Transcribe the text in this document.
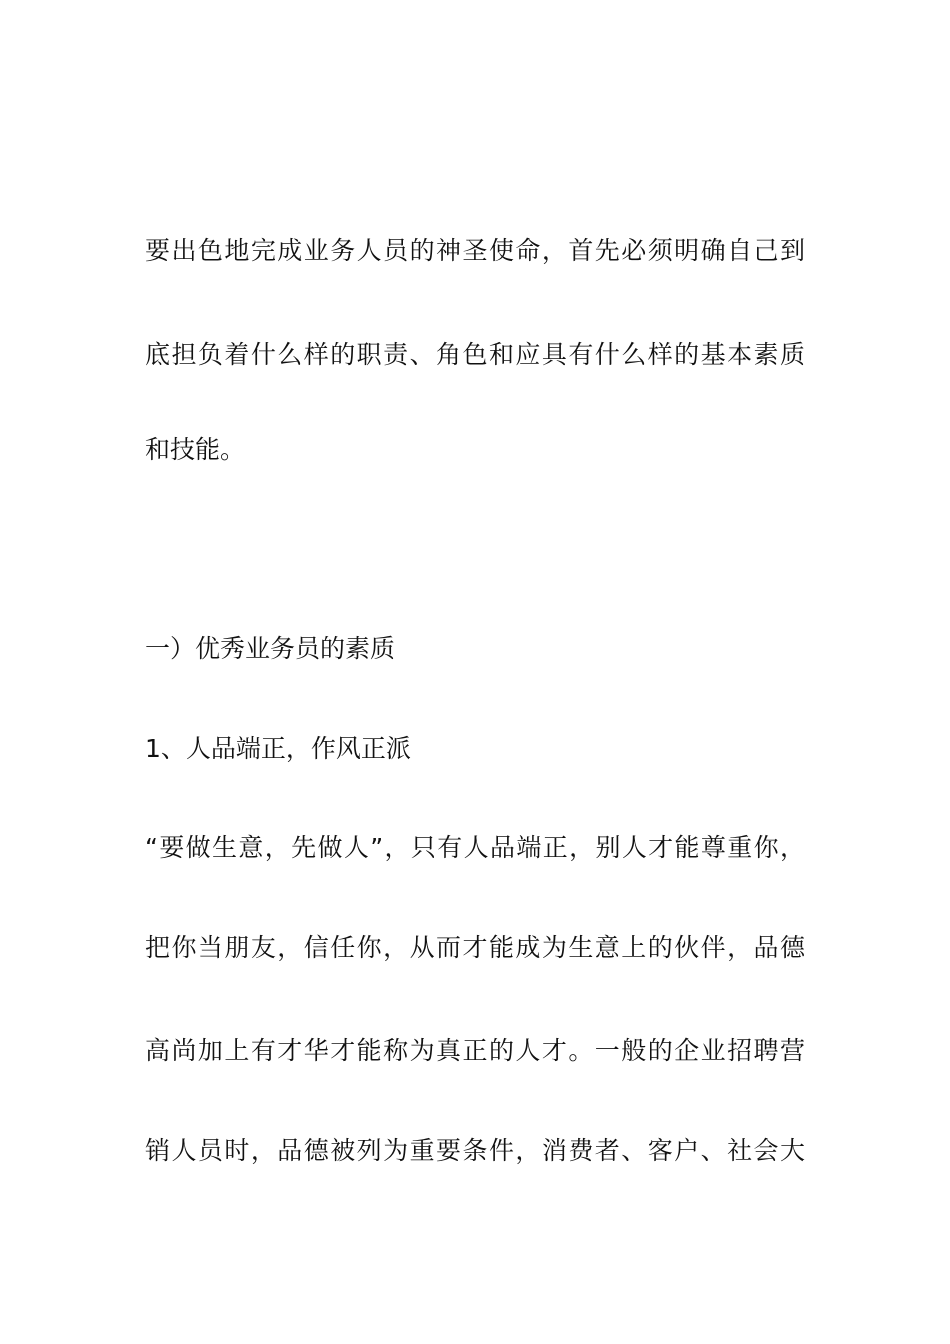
要出色地完成业务人员的神圣使命，首先必须明确自己到

底担负着什么样的职责、角色和应具有什么样的基本素质

和技能。

一）优秀业务员的素质
1、人品端正，作风正派

“要做生意，先做人”，只有人品端正，别人才能尊重你，

把你当朋友，信任你，从而才能成为生意上的伙伴，品德

高尚加上有才华才能称为真正的人才。一般的企业招聘营

销人员时，品德被列为重要条件，消费者、客户、社会大
